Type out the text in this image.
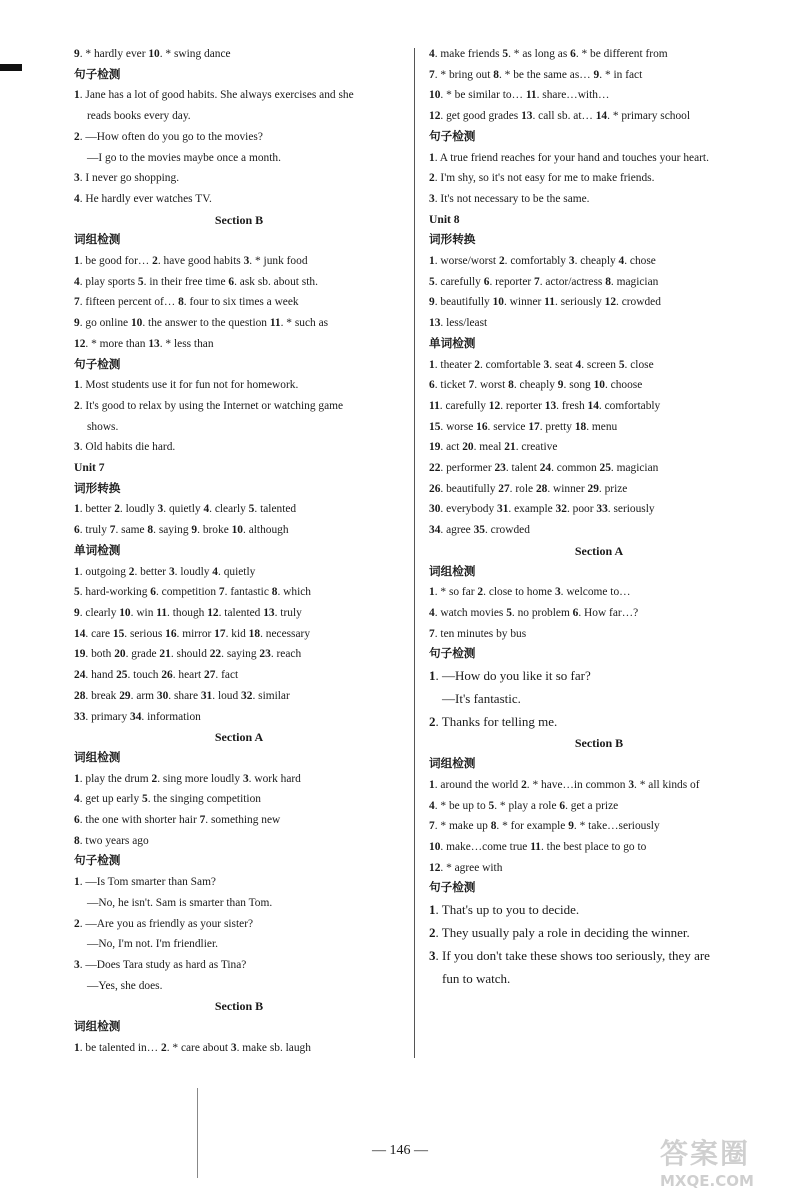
9. * hardly ever 10. * swing dance
句子检测
1. Jane has a lot of good habits. She always exercises and she
reads books every day.
2. —How often do you go to the movies?
—I go to the movies maybe once a month.
3. I never go shopping.
4. He hardly ever watches TV.
Section B
词组检测
1. be good for… 2. have good habits 3. * junk food
4. play sports 5. in their free time 6. ask sb. about sth.
7. fifteen percent of… 8. four to six times a week
9. go online 10. the answer to the question 11. * such as
12. * more than 13. * less than
句子检测
1. Most students use it for fun not for homework.
2. It's good to relax by using the Internet or watching game
shows.
3. Old habits die hard.
Unit 7
词形转换
1. better 2. loudly 3. quietly 4. clearly 5. talented
6. truly 7. same 8. saying 9. broke 10. although
单词检测
1. outgoing 2. better 3. loudly 4. quietly
5. hard-working 6. competition 7. fantastic 8. which
9. clearly 10. win 11. though 12. talented 13. truly
14. care 15. serious 16. mirror 17. kid 18. necessary
19. both 20. grade 21. should 22. saying 23. reach
24. hand 25. touch 26. heart 27. fact
28. break 29. arm 30. share 31. loud 32. similar
33. primary 34. information
Section A
词组检测
1. play the drum 2. sing more loudly 3. work hard
4. get up early 5. the singing competition
6. the one with shorter hair 7. something new
8. two years ago
句子检测
1. —Is Tom smarter than Sam?
—No, he isn't. Sam is smarter than Tom.
2. —Are you as friendly as your sister?
—No, I'm not. I'm friendlier.
3. —Does Tara study as hard as Tina?
—Yes, she does.
Section B
词组检测
1. be talented in… 2. * care about 3. make sb. laugh
4. make friends 5. * as long as 6. * be different from
7. * bring out 8. * be the same as… 9. * in fact
10. * be similar to… 11. share…with…
12. get good grades 13. call sb. at… 14. * primary school
句子检测
1. A true friend reaches for your hand and touches your heart.
2. I'm shy, so it's not easy for me to make friends.
3. It's not necessary to be the same.
Unit 8
词形转换
1. worse/worst 2. comfortably 3. cheaply 4. chose
5. carefully 6. reporter 7. actor/actress 8. magician
9. beautifully 10. winner 11. seriously 12. crowded
13. less/least
单词检测
1. theater 2. comfortable 3. seat 4. screen 5. close
6. ticket 7. worst 8. cheaply 9. song 10. choose
11. carefully 12. reporter 13. fresh 14. comfortably
15. worse 16. service 17. pretty 18. menu
19. act 20. meal 21. creative
22. performer 23. talent 24. common 25. magician
26. beautifully 27. role 28. winner 29. prize
30. everybody 31. example 32. poor 33. seriously
34. agree 35. crowded
Section A
词组检测
1. * so far 2. close to home 3. welcome to…
4. watch movies 5. no problem 6. How far…?
7. ten minutes by bus
句子检测
1. —How do you like it so far?
—It's fantastic.
2. Thanks for telling me.
Section B
词组检测
1. around the world 2. * have…in common 3. * all kinds of
4. * be up to 5. * play a role 6. get a prize
7. * make up 8. * for example 9. * take…seriously
10. make…come true 11. the best place to go to
12. * agree with
句子检测
1. That's up to you to decide.
2. They usually paly a role in deciding the winner.
3. If you don't take these shows too seriously, they are
fun to watch.
— 146 —	答案圈
MXQE.COM
